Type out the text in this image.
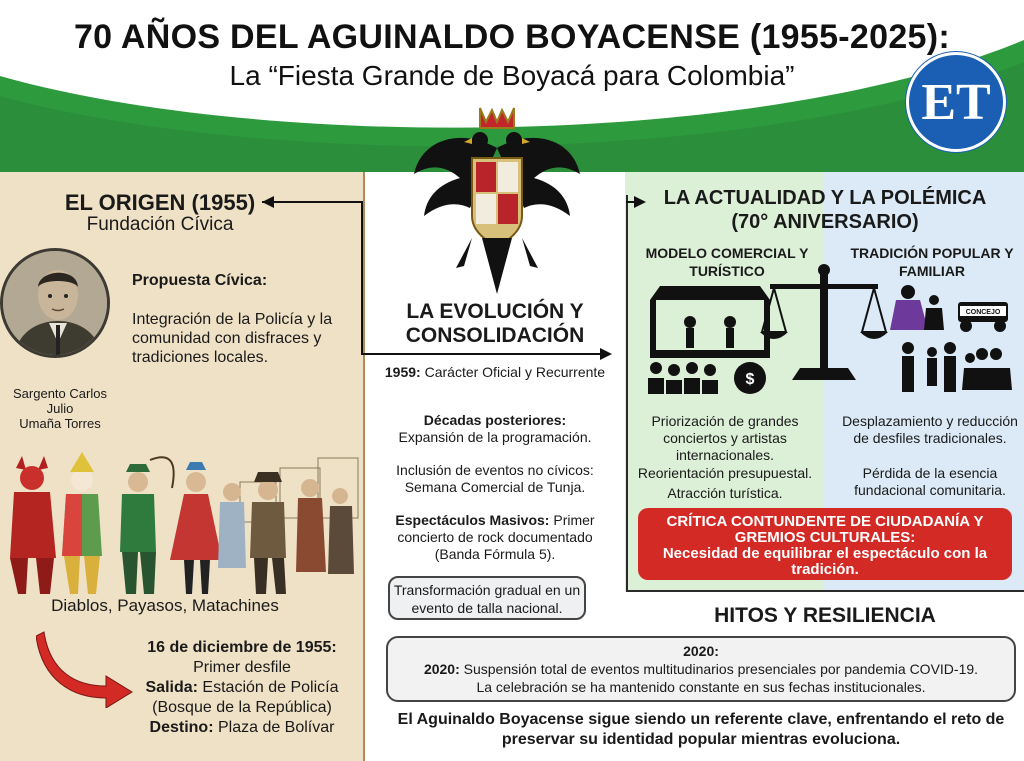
70 AÑOS DEL AGUINALDO BOYACENSE (1955-2025):
La “Fiesta Grande de Boyacá para Colombia”	ET
EL ORIGEN (1955)
Fundación Cívica
Sargento Carlos Julio
Umaña Torres
Propuesta Cívica:
Integración de la Policía y la comunidad con disfraces y tradiciones locales.
Diablos, Payasos, Matachines
16 de diciembre de 1955:
Primer desfile
Salida: Estación de Policía
(Bosque de la República)
Destino: Plaza de Bolívar
LA EVOLUCIÓN Y
CONSOLIDACIÓN
1959: Carácter Oficial y Recurrente
Décadas posteriores:
Expansión de la programación.
Inclusión de eventos no cívicos: Semana Comercial de Tunja.
Espectáculos Masivos: Primer concierto de rock documentado (Banda Fórmula 5).
Transformación gradual en un evento de talla nacional.
LA ACTUALIDAD Y LA POLÉMICA
(70° ANIVERSARIO)
MODELO COMERCIAL Y TURÍSTICO
TRADICIÓN POPULAR Y FAMILIAR
$
CONCEJO
Priorización de grandes conciertos y artistas internacionales.
Reorientación presupuestal.
Atracción turística.
Desplazamiento y reducción de desfiles tradicionales.
Pérdida de la esencia fundacional comunitaria.
CRÍTICA CONTUNDENTE DE CIUDADANÍA Y GREMIOS CULTURALES:
Necesidad de equilibrar el espectáculo con la tradición.
HITOS Y RESILIENCIA
2020:
2020: Suspensión total de eventos multitudinarios presenciales por pandemia COVID-19.
La celebración se ha mantenido constante en sus fechas institucionales.
El Aguinaldo Boyacense sigue siendo un referente clave, enfrentando el reto de preservar su identidad popular mientras evoluciona.
